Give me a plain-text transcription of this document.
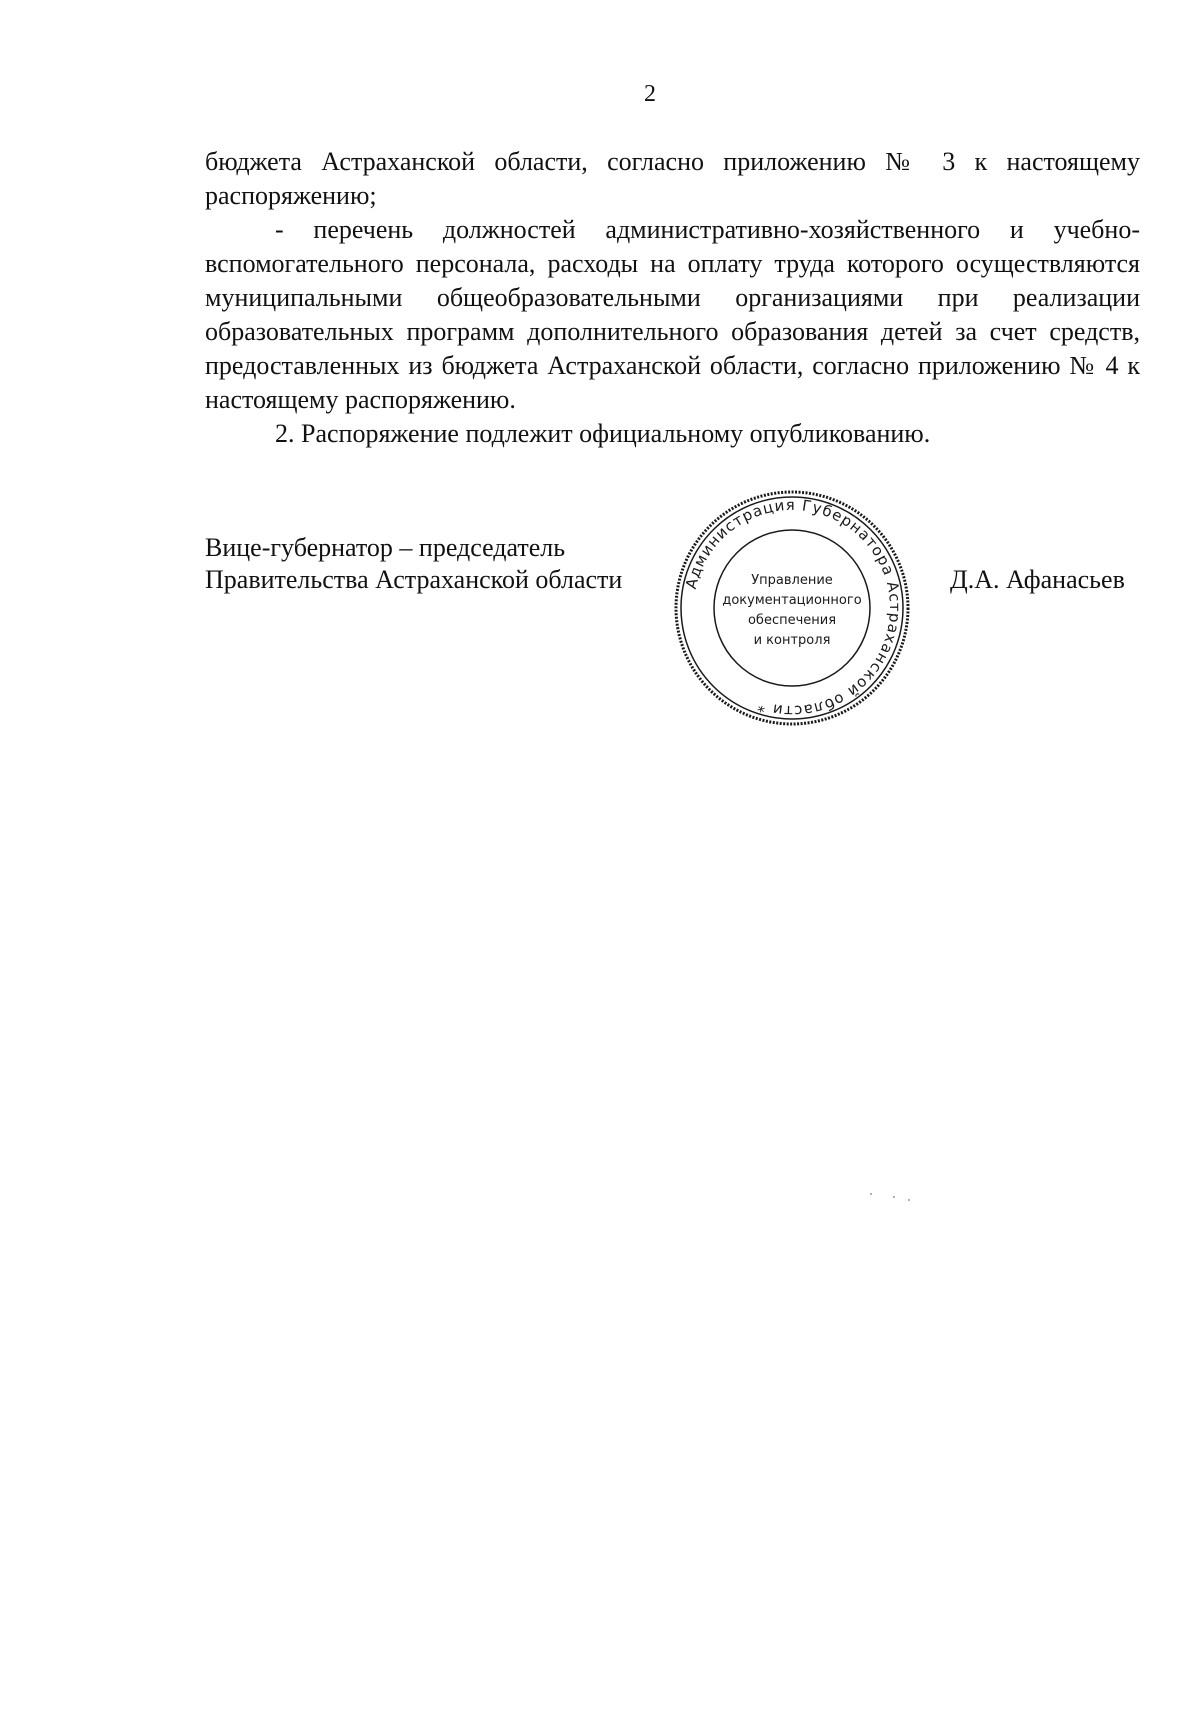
2

бюджета Астраханской области, согласно приложению № 3 к настоящему распоряжению;

- перечень должностей административно-хозяйственного и учебно-вспомогательного персонала, расходы на оплату труда которого осуществляются муниципальными общеобразовательными организациями при реализации образовательных программ дополнительного образования детей за счет средств, предоставленных из бюджета Астраханской области, согласно приложению № 4 к настоящему распоряжению.

2. Распоряжение подлежит официальному опубликованию.

Вице-губернатор – председатель
Правительства Астраханской области	Администрация Губернатора Астраханской области *
Управление
документационного
обеспечения
и контроля
Д.А. Афанасьев
